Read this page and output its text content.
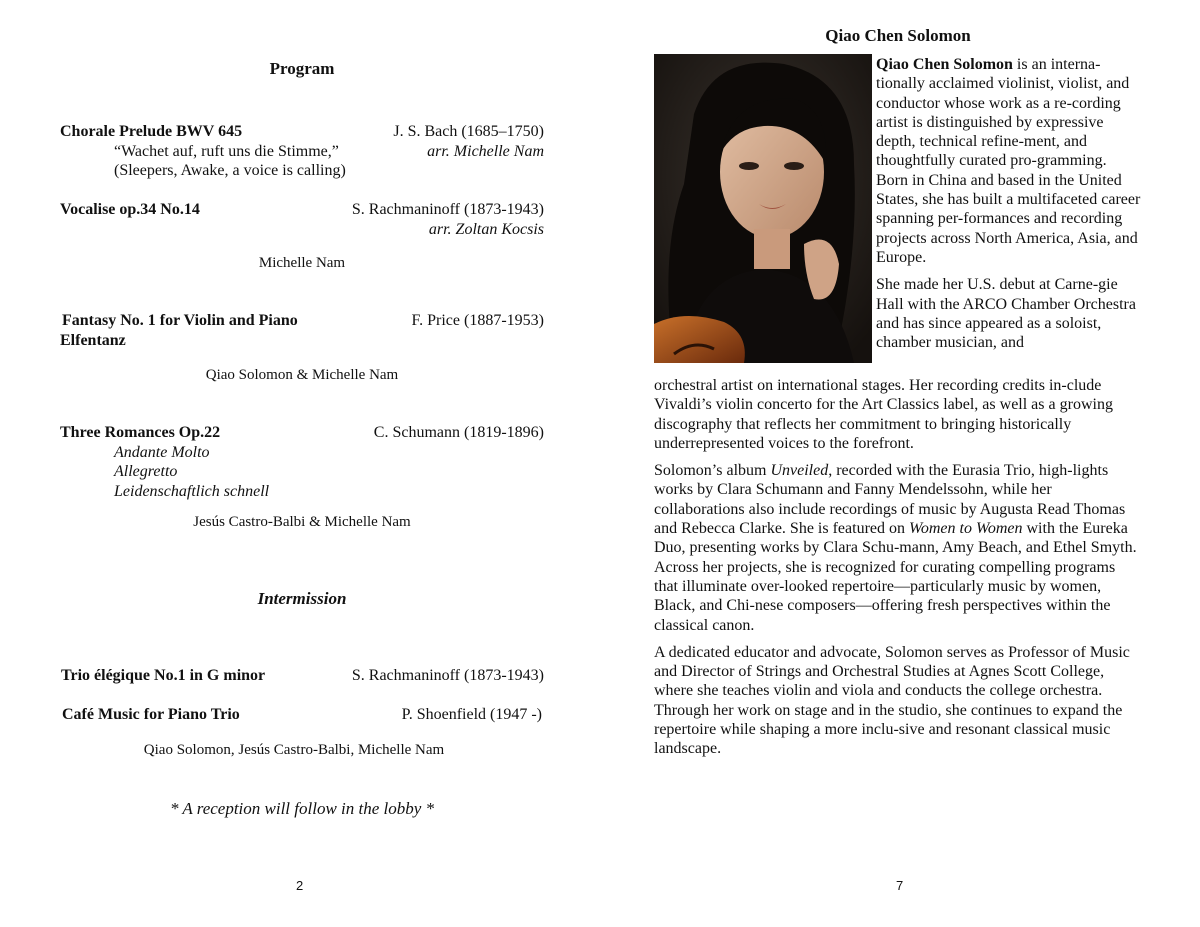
Program
Chorale Prelude BWV 645	J. S. Bach (1685–1750)
“Wachet auf, ruft uns die Stimme,”	arr. Michelle Nam
(Sleepers, Awake, a voice is calling)
Vocalise op.34 No.14	S. Rachmaninoff (1873-1943)
arr. Zoltan Kocsis
Michelle Nam
Fantasy No. 1 for Violin and Piano	F. Price (1887-1953)
Elfentanz
Qiao Solomon & Michelle Nam
Three Romances Op.22	C. Schumann (1819-1896)
Andante Molto
Allegretto
Leidenschaftlich schnell
Jesús Castro-Balbi & Michelle Nam
Intermission
Trio élégique No.1 in G minor	S. Rachmaninoff (1873-1943)
Café Music for Piano Trio	P. Shoenfield (1947 -)
Qiao Solomon, Jesús Castro-Balbi, Michelle Nam
* A reception will follow in the lobby *
2
Qiao Chen Solomon
7

Qiao Chen Solomon is an interna-tionally acclaimed violinist, violist, and conductor whose work as a re-cording artist is distinguished by expressive depth, technical refine-ment, and thoughtfully curated pro-gramming. Born in China and based in the United States, she has built a multifaceted career spanning per-formances and recording projects across North America, Asia, and Europe.

She made her U.S. debut at Carne-gie Hall with the ARCO Chamber Orchestra and has since appeared as a soloist, chamber musician, and

orchestral artist on international stages. Her recording credits in-clude Vivaldi’s violin concerto for the Art Classics label, as well as a growing discography that reflects her commitment to bringing historically underrepresented voices to the forefront.

Solomon’s album Unveiled, recorded with the Eurasia Trio, high-lights works by Clara Schumann and Fanny Mendelssohn, while her collaborations also include recordings of music by Augusta Read Thomas and Rebecca Clarke. She is featured on Women to Women with the Eureka Duo, presenting works by Clara Schu-mann, Amy Beach, and Ethel Smyth. Across her projects, she is recognized for curating compelling programs that illuminate over-looked repertoire—particularly music by women, Black, and Chi-nese composers—offering fresh perspectives within the classical canon.

A dedicated educator and advocate, Solomon serves as Professor of Music and Director of Strings and Orchestral Studies at Agnes Scott College, where she teaches violin and viola and conducts the college orchestra. Through her work on stage and in the studio, she continues to expand the repertoire while shaping a more inclu-sive and resonant classical music landscape.
